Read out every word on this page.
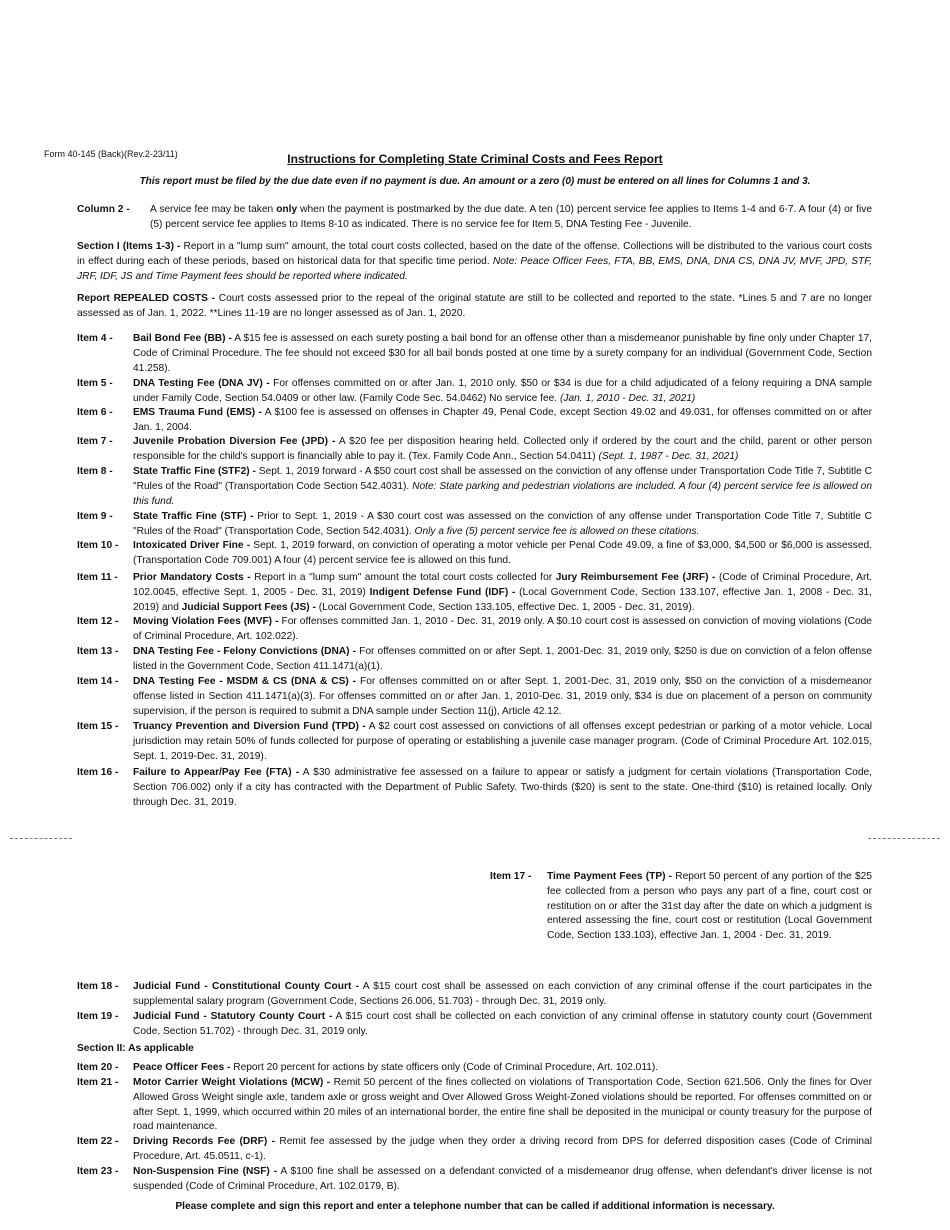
Form 40-145 (Back)(Rev.2-23/11)	Instructions for Completing State Criminal Costs and Fees Report
This report must be filed by the due date even if no payment is due. An amount or a zero (0) must be entered on all lines for Columns 1 and 3.
Column 2 -	A service fee may be taken only when the payment is postmarked by the due date. A ten (10) percent service fee applies to Items 1-4 and 6-7. A four (4) or five (5) percent service fee applies to Items 8-10 as indicated. There is no service fee for Item 5, DNA Testing Fee - Juvenile.
Section I (Items 1-3) - Report in a "lump sum" amount, the total court costs collected, based on the date of the offense. Collections will be distributed to the various court costs in effect during each of these periods, based on historical data for that specific time period. Note: Peace Officer Fees, FTA, BB, EMS, DNA, DNA CS, DNA JV, MVF, JPD, STF, JRF, IDF, JS and Time Payment fees should be reported where indicated.
Report REPEALED COSTS - Court costs assessed prior to the repeal of the original statute are still to be collected and reported to the state. *Lines 5 and 7 are no longer assessed as of Jan. 1, 2022. **Lines 11-19 are no longer assessed as of Jan. 1, 2020.
Item 4 -	Bail Bond Fee (BB) - A $15 fee is assessed on each surety posting a bail bond for an offense other than a misdemeanor punishable by fine only under Chapter 17, Code of Criminal Procedure. The fee should not exceed $30 for all bail bonds posted at one time by a surety company for an individual (Government Code, Section 41.258).
Item 5 -	DNA Testing Fee (DNA JV) - For offenses committed on or after Jan. 1, 2010 only. $50 or $34 is due for a child adjudicated of a felony requiring a DNA sample under Family Code, Section 54.0409 or other law. (Family Code Sec. 54.0462) No service fee. (Jan. 1, 2010 - Dec. 31, 2021)
Item 6 -	EMS Trauma Fund (EMS) - A $100 fee is assessed on offenses in Chapter 49, Penal Code, except Section 49.02 and 49.031, for offenses committed on or after Jan. 1, 2004.
Item 7 -	Juvenile Probation Diversion Fee (JPD) - A $20 fee per disposition hearing held. Collected only if ordered by the court and the child, parent or other person responsible for the child's support is financially able to pay it. (Tex. Family Code Ann., Section 54.0411) (Sept. 1, 1987 - Dec. 31, 2021)
Item 8 -	State Traffic Fine (STF2) - Sept. 1, 2019 forward - A $50 court cost shall be assessed on the conviction of any offense under Transportation Code Title 7, Subtitle C "Rules of the Road" (Transportation Code Section 542.4031). Note: State parking and pedestrian violations are included. A four (4) percent service fee is allowed on this fund.
Item 9 -	State Traffic Fine (STF) - Prior to Sept. 1, 2019 - A $30 court cost was assessed on the conviction of any offense under Transportation Code Title 7, Subtitle C "Rules of the Road" (Transportation Code, Section 542.4031). Only a five (5) percent service fee is allowed on these citations.
Item 10 -	Intoxicated Driver Fine - Sept. 1, 2019 forward, on conviction of operating a motor vehicle per Penal Code 49.09, a fine of $3,000, $4,500 or $6,000 is assessed. (Transportation Code 709.001) A four (4) percent service fee is allowed on this fund.
Item 11 -	Prior Mandatory Costs - Report in a "lump sum" amount the total court costs collected for Jury Reimbursement Fee (JRF) - (Code of Criminal Procedure, Art. 102.0045, effective Sept. 1, 2005 - Dec. 31, 2019) Indigent Defense Fund (IDF) - (Local Government Code, Section 133.107, effective Jan. 1, 2008 - Dec. 31, 2019) and Judicial Support Fees (JS) - (Local Government Code, Section 133.105, effective Dec. 1, 2005 - Dec. 31, 2019).
Item 12 -	Moving Violation Fees (MVF) - For offenses committed Jan. 1, 2010 - Dec. 31, 2019 only. A $0.10 court cost is assessed on conviction of moving violations (Code of Criminal Procedure, Art. 102.022).
Item 13 -	DNA Testing Fee - Felony Convictions (DNA) - For offenses committed on or after Sept. 1, 2001-Dec. 31, 2019 only, $250 is due on conviction of a felon offense listed in the Government Code, Section 411.1471(a)(1).
Item 14 -	DNA Testing Fee - MSDM & CS (DNA & CS) - For offenses committed on or after Sept. 1, 2001-Dec. 31, 2019 only, $50 on the conviction of a misdemeanor offense listed in Section 411.1471(a)(3). For offenses committed on or after Jan. 1, 2010-Dec. 31, 2019 only, $34 is due on placement of a person on community supervision, if the person is required to submit a DNA sample under Section 11(j), Article 42.12.
Item 15 -	Truancy Prevention and Diversion Fund (TPD) - A $2 court cost assessed on convictions of all offenses except pedestrian or parking of a motor vehicle. Local jurisdiction may retain 50% of funds collected for purpose of operating or establishing a juvenile case manager program. (Code of Criminal Procedure Art. 102.015, Sept. 1, 2019-Dec. 31, 2019).
Item 16 -	Failure to Appear/Pay Fee (FTA) - A $30 administrative fee assessed on a failure to appear or satisfy a judgment for certain violations (Transportation Code, Section 706.002) only if a city has contracted with the Department of Public Safety. Two-thirds ($20) is sent to the state. One-third ($10) is retained locally. Only through Dec. 31, 2019.
Item 17 -	Time Payment Fees (TP) - Report 50 percent of any portion of the $25 fee collected from a person who pays any part of a fine, court cost or restitution on or after the 31st day after the date on which a judgment is entered assessing the fine, court cost or restitution (Local Government Code, Section 133.103), effective Jan. 1, 2004 - Dec. 31, 2019.
Item 18 -	Judicial Fund - Constitutional County Court - A $15 court cost shall be assessed on each conviction of any criminal offense if the court participates in the supplemental salary program (Government Code, Sections 26.006, 51.703) - through Dec. 31, 2019 only.
Item 19 -	Judicial Fund - Statutory County Court - A $15 court cost shall be collected on each conviction of any criminal offense in statutory county court (Government Code, Section 51.702) - through Dec. 31, 2019 only.
Section II: As applicable
Item 20 -	Peace Officer Fees - Report 20 percent for actions by state officers only (Code of Criminal Procedure, Art. 102.011).
Item 21 -	Motor Carrier Weight Violations (MCW) - Remit 50 percent of the fines collected on violations of Transportation Code, Section 621.506. Only the fines for Over Allowed Gross Weight single axle, tandem axle or gross weight and Over Allowed Gross Weight-Zoned violations should be reported. For offenses committed on or after Sept. 1, 1999, which occurred within 20 miles of an international border, the entire fine shall be deposited in the municipal or county treasury for the purpose of road maintenance.
Item 22 -	Driving Records Fee (DRF) - Remit fee assessed by the judge when they order a driving record from DPS for deferred disposition cases (Code of Criminal Procedure, Art. 45.0511, c-1).
Item 23 -	Non-Suspension Fine (NSF) - A $100 fine shall be assessed on a defendant convicted of a misdemeanor drug offense, when defendant's driver license is not suspended (Code of Criminal Procedure, Art. 102.0179, B).
Please complete and sign this report and enter a telephone number that can be called if additional information is necessary.
